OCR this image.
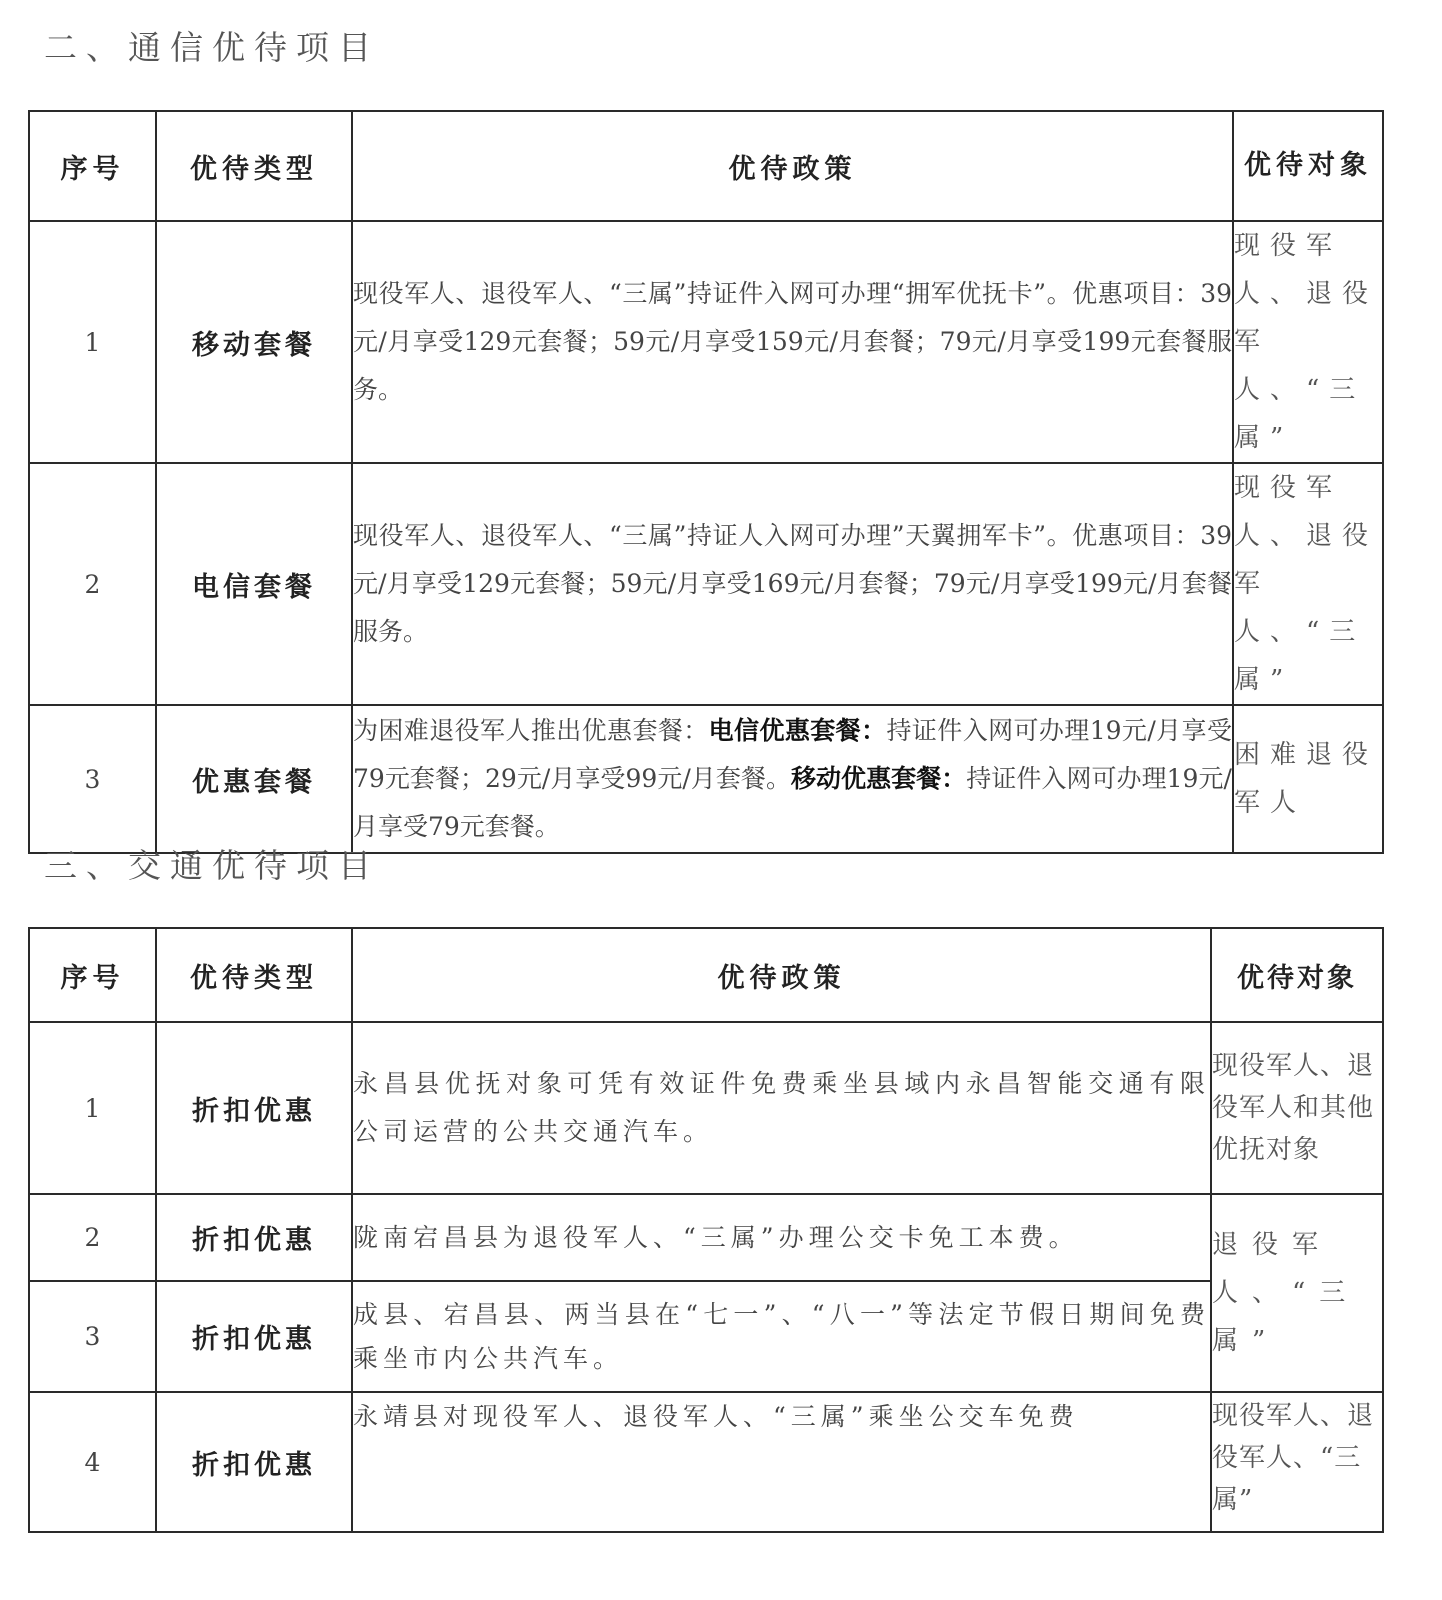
二、通信优待项目
序号	优待类型	优待政策	优待对象
1	移动套餐	现役军人、退役军人、“三属”持证件入网可办理“拥军优抚卡”。优惠项目：39元/月享受129元套餐；59元/月享受159元/月套餐；79元/月享受199元套餐服务。	现役军人、退役军人、“三属”
2	电信套餐	现役军人、退役军人、“三属”持证人入网可办理”天翼拥军卡”。优惠项目：39元/月享受129元套餐；59元/月享受169元/月套餐；79元/月享受199元/月套餐服务。	现役军人、退役军人、“三属”
3	优惠套餐	为困难退役军人推出优惠套餐：电信优惠套餐：持证件入网可办理19元/月享受79元套餐；29元/月享受99元/月套餐。移动优惠套餐：持证件入网可办理19元/月享受79元套餐。	困难退役军人
三、交通优待项目
序号	优待类型	优待政策	优待对象
1	折扣优惠	永昌县优抚对象可凭有效证件免费乘坐县域内永昌智能交通有限公司运营的公共交通汽车。	现役军人、退役军人和其他优抚对象
2	折扣优惠	陇南宕昌县为退役军人、“三属”办理公交卡免工本费。	退役军人、“三属”
3	折扣优惠	成县、宕昌县、两当县在“七一”、“八一”等法定节假日期间免费乘坐市内公共汽车。	
4	折扣优惠	永靖县对现役军人、退役军人、“三属”乘坐公交车免费	现役军人、退役军人、“三属”
